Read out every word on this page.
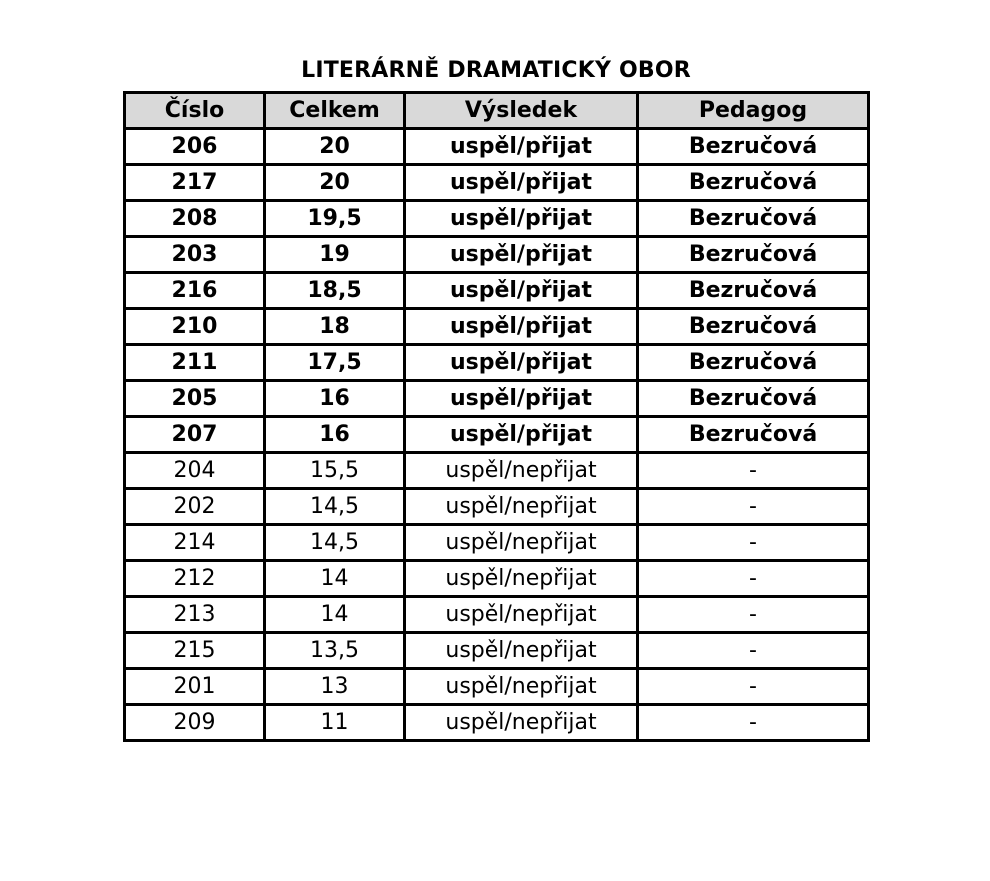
LITERÁRNĚ DRAMATICKÝ OBOR
Číslo	Celkem	Výsledek	Pedagog
206	20	uspěl/přijat	Bezručová
217	20	uspěl/přijat	Bezručová
208	19,5	uspěl/přijat	Bezručová
203	19	uspěl/přijat	Bezručová
216	18,5	uspěl/přijat	Bezručová
210	18	uspěl/přijat	Bezručová
211	17,5	uspěl/přijat	Bezručová
205	16	uspěl/přijat	Bezručová
207	16	uspěl/přijat	Bezručová
204	15,5	uspěl/nepřijat	-
202	14,5	uspěl/nepřijat	-
214	14,5	uspěl/nepřijat	-
212	14	uspěl/nepřijat	-
213	14	uspěl/nepřijat	-
215	13,5	uspěl/nepřijat	-
201	13	uspěl/nepřijat	-
209	11	uspěl/nepřijat	-
